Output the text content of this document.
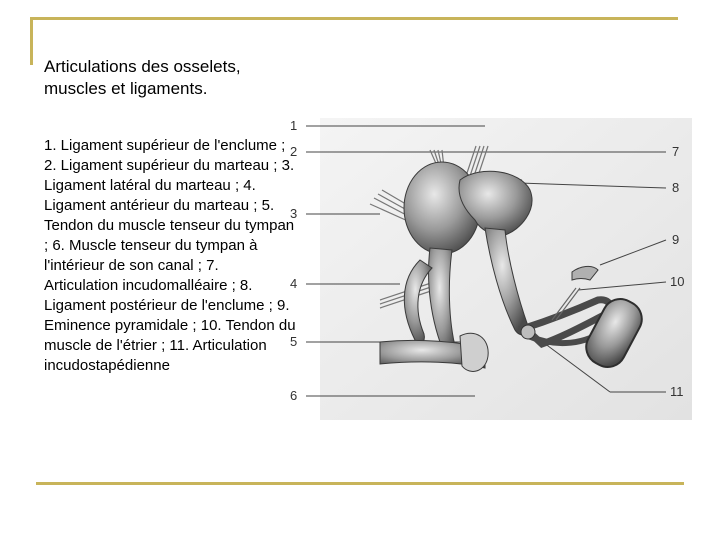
Articulations des osselets, muscles et ligaments.

1. Ligament supérieur de l'enclume ; 2. Ligament supérieur du marteau ; 3. Ligament latéral du marteau ; 4. Ligament antérieur du marteau ; 5. Tendon du muscle tenseur du tympan ; 6. Muscle tenseur du tympan à l'intérieur de son canal ; 7. Articulation incudomalléaire ; 8. Ligament postérieur de l'enclume ; 9. Eminence pyramidale ; 10. Tendon du muscle de l'étrier ; 11. Articulation incudostapédienne

1
2
3
4
5
6
7
8
9
10
11
